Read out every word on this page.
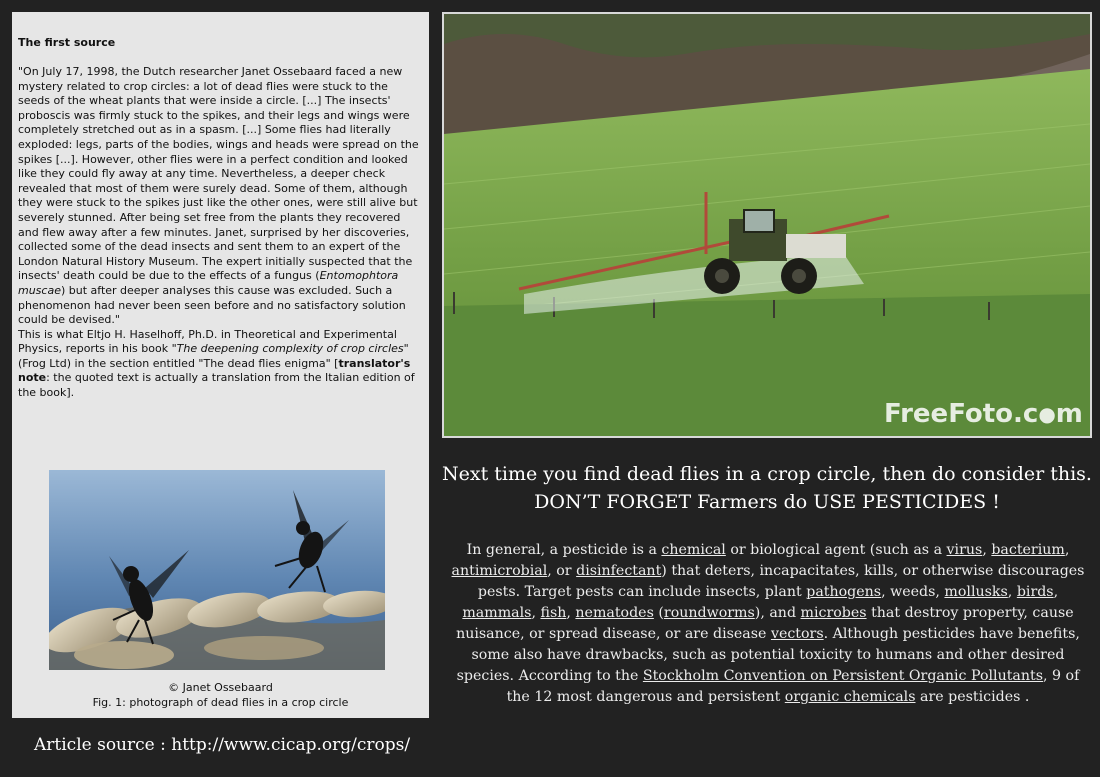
The first source

"On July 17, 1998, the Dutch researcher Janet Ossebaard faced a new mystery related to crop circles: a lot of dead flies were stuck to the seeds of the wheat plants that were inside a circle. [...] The insects' proboscis was firmly stuck to the spikes, and their legs and wings were completely stretched out as in a spasm. [...] Some flies had literally exploded: legs, parts of the bodies, wings and heads were spread on the spikes [...]. However, other flies were in a perfect condition and looked like they could fly away at any time. Nevertheless, a deeper check revealed that most of them were surely dead. Some of them, although they were stuck to the spikes just like the other ones, were still alive but severely stunned. After being set free from the plants they recovered and flew away after a few minutes. Janet, surprised by her discoveries, collected some of the dead insects and sent them to an expert of the London Natural History Museum. The expert initially suspected that the insects' death could be due to the effects of a fungus (Entomophtora muscae) but after deeper analyses this cause was excluded. Such a phenomenon had never been seen before and no satisfactory solution could be devised."

This is what Eltjo H. Haselhoff, Ph.D. in Theoretical and Experimental Physics, reports in his book "The deepening complexity of crop circles" (Frog Ltd) in the section entitled "The dead flies enigma" [translator's note: the quoted text is actually a translation from the Italian edition of the book].

© Janet Ossebaard
Fig. 1: photograph of dead flies in a crop circle
Article source : http://www.cicap.org/crops/
FreeFoto.c●m
Next time you find dead flies in a crop circle, then do consider this.
DON’T FORGET Farmers do USE PESTICIDES !
In general, a pesticide is a chemical or biological agent (such as a virus, bacterium, antimicrobial, or disinfectant) that deters, incapacitates, kills, or otherwise discourages pests. Target pests can include insects, plant pathogens, weeds, mollusks, birds, mammals, fish, nematodes (roundworms), and microbes that destroy property, cause nuisance, or spread disease, or are disease vectors. Although pesticides have benefits, some also have drawbacks, such as potential toxicity to humans and other desired species. According to the Stockholm Convention on Persistent Organic Pollutants, 9 of the 12 most dangerous and persistent organic chemicals are pesticides .
